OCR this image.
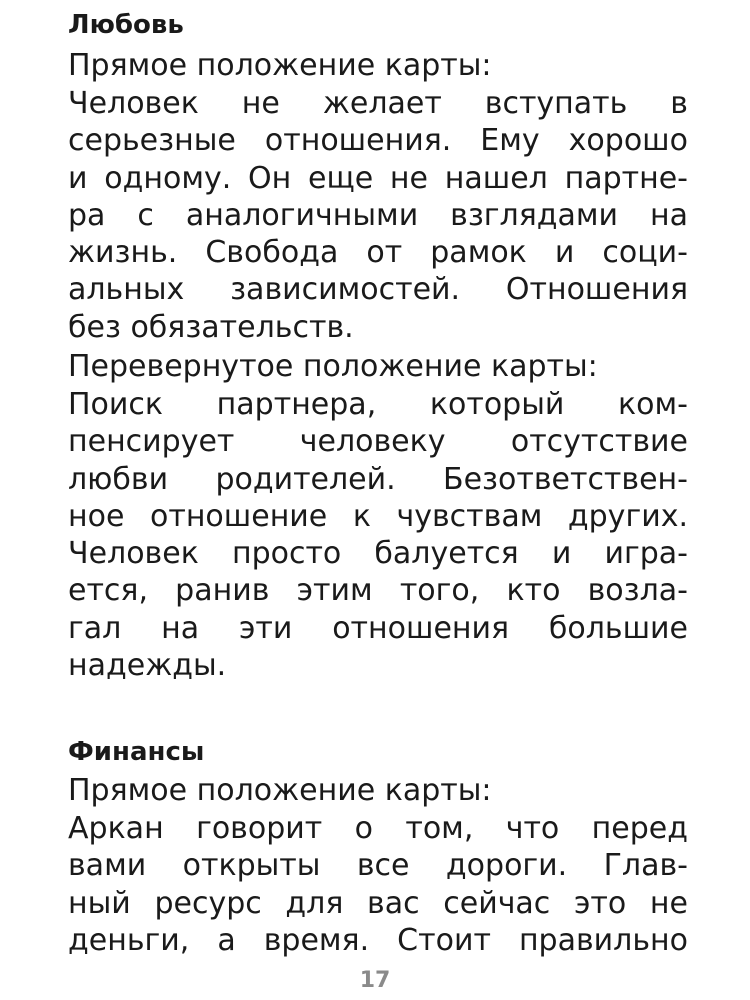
Любовь

Прямое положение карты:

Человек не желает вступать в
серьезные отношения. Ему хорошо
и одному. Он еще не нашел партне-
ра с аналогичными взглядами на
жизнь. Свобода от рамок и соци-
альных зависимостей. Отношения
без обязательств.

Перевернутое положение карты:

Поиск партнера, который ком-
пенсирует человеку отсутствие
любви родителей. Безответствен-
ное отношение к чувствам других.
Человек просто балуется и игра-
ется, ранив этим того, кто возла-
гал на эти отношения большие
надежды.
Финансы

Прямое положение карты:

Аркан говорит о том, что перед
вами открыты все дороги. Глав-
ный ресурс для вас сейчас это не
деньги, а время. Стоит правильно
17
